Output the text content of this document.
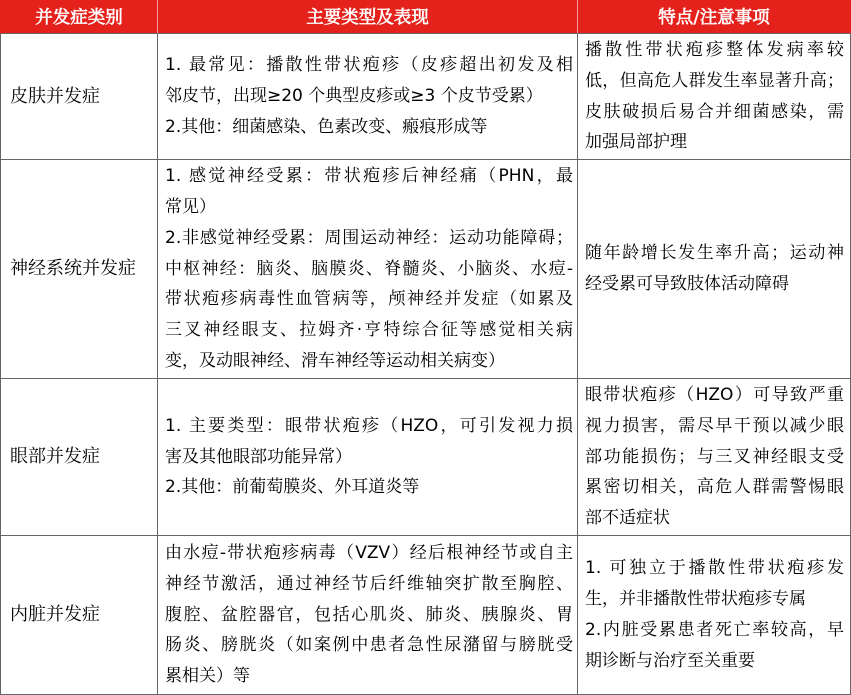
并发症类别	主要类型及表现	特点/注意事项
皮肤并发症
1. 最常见：播散性带状疱疹（皮疹超出初发及相
邻皮节，出现≥20 个典型皮疹或≥3 个皮节受累）
2.其他：细菌感染、色素改变、瘢痕形成等
播散性带状疱疹整体发病率较
低，但高危人群发生率显著升高；
皮肤破损后易合并细菌感染，需
加强局部护理
神经系统并发症
1. 感觉神经受累：带状疱疹后神经痛（PHN，最
常见）
2.非感觉神经受累：周围运动神经：运动功能障碍；
中枢神经：脑炎、脑膜炎、脊髓炎、小脑炎、水痘-
带状疱疹病毒性血管病等，颅神经并发症（如累及
三叉神经眼支、拉姆齐·亨特综合征等感觉相关病
变，及动眼神经、滑车神经等运动相关病变）
随年龄增长发生率升高；运动神
经受累可导致肢体活动障碍
眼部并发症
1. 主要类型：眼带状疱疹（HZO，可引发视力损
害及其他眼部功能异常）
2.其他：前葡萄膜炎、外耳道炎等
眼带状疱疹（HZO）可导致严重
视力损害，需尽早干预以减少眼
部功能损伤；与三叉神经眼支受
累密切相关，高危人群需警惕眼
部不适症状
内脏并发症
由水痘-带状疱疹病毒（VZV）经后根神经节或自主
神经节激活，通过神经节后纤维轴突扩散至胸腔、
腹腔、盆腔器官，包括心肌炎、肺炎、胰腺炎、胃
肠炎、膀胱炎（如案例中患者急性尿潴留与膀胱受
累相关）等
1. 可独立于播散性带状疱疹发
生，并非播散性带状疱疹专属
2.内脏受累患者死亡率较高，早
期诊断与治疗至关重要
